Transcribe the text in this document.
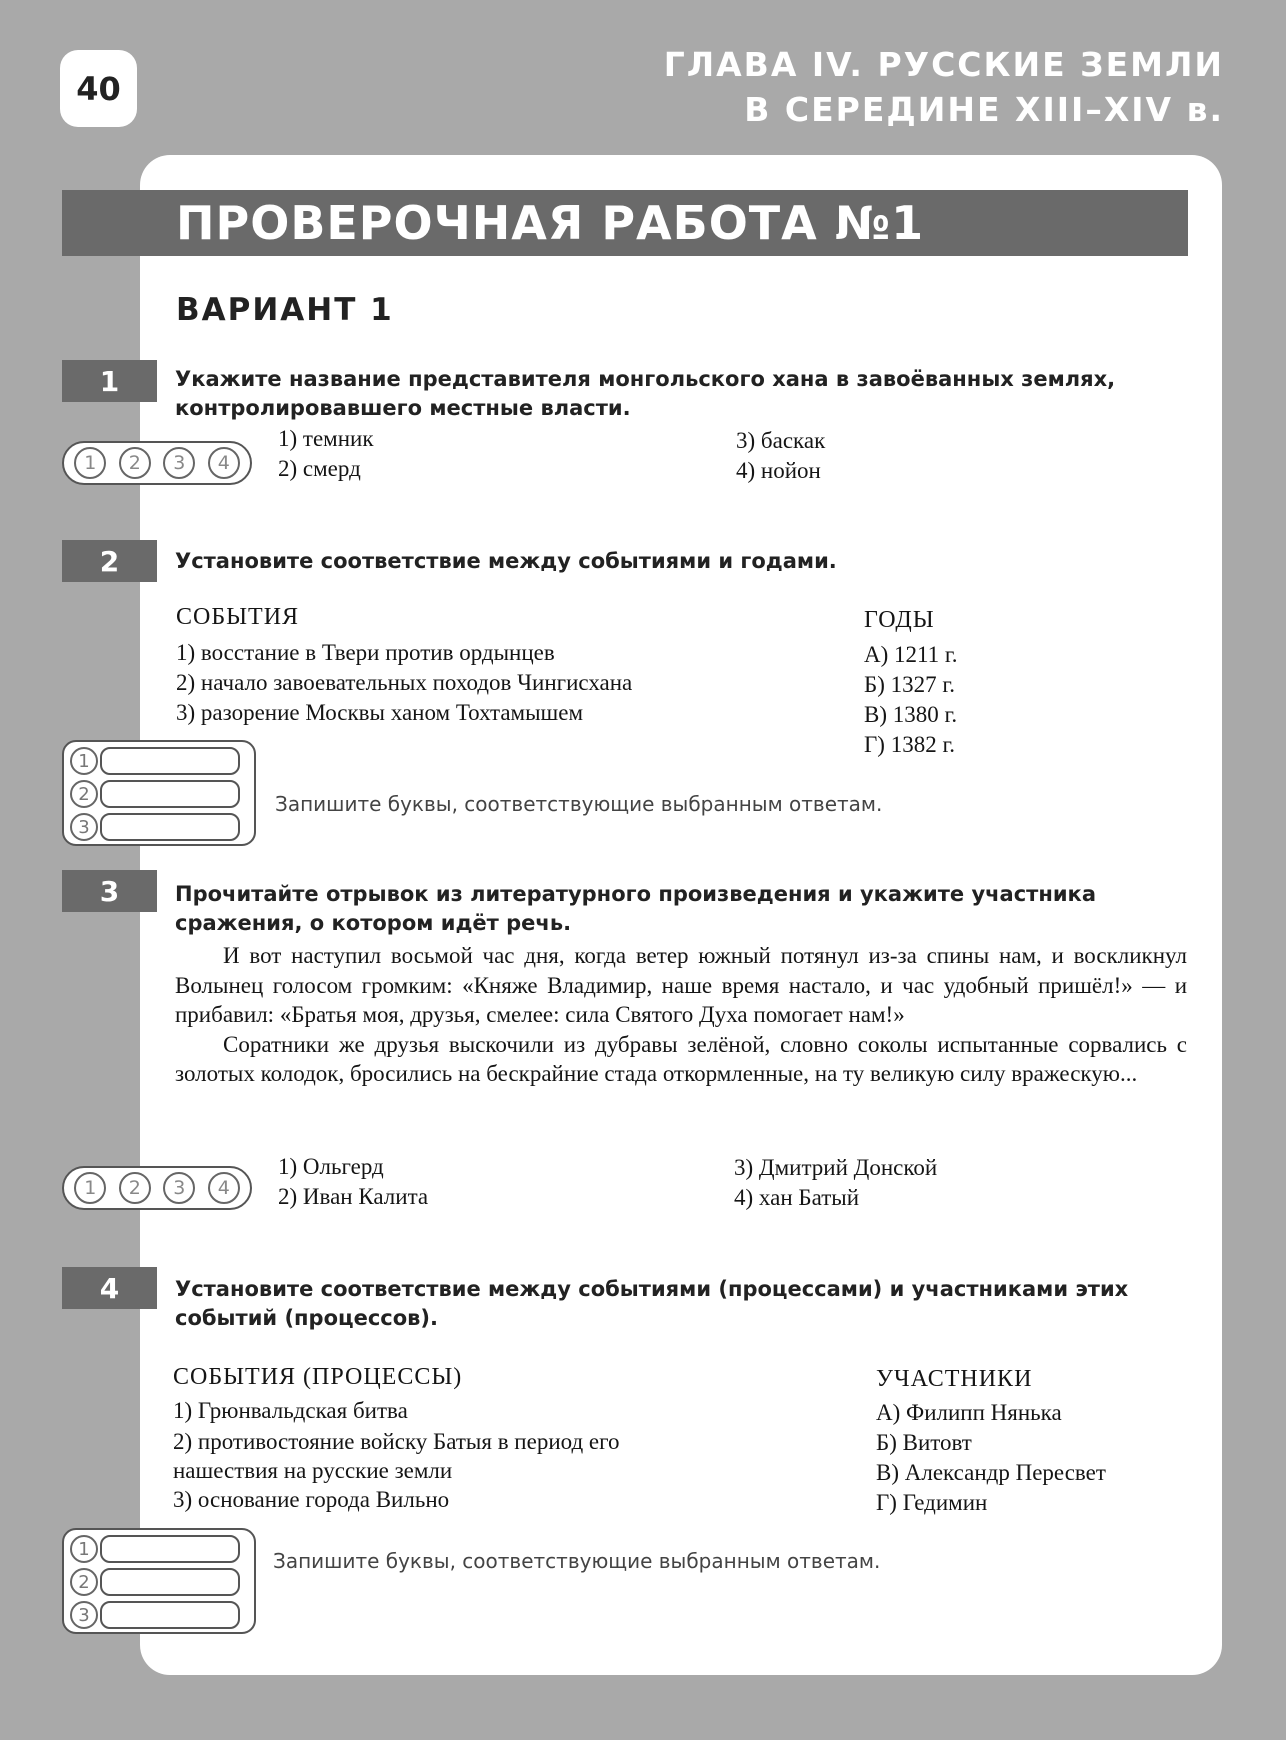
40
ГЛАВА IV. РУССКИЕ ЗЕМЛИ
В СЕРЕДИНЕ XIII–XIV в.
ПРОВЕРОЧНАЯ РАБОТА №1
ВАРИАНТ 1
1	Укажите название представителя монгольского хана в завоёванных землях, контролировавшего местные власти.
1) темник
2) смерд
3) баскак
4) нойон
1	2	3	4
2	Установите соответствие между событиями и годами.
СОБЫТИЯ
1) восстание в Твери против ордынцев
2) начало завоевательных походов Чингисхана
3) разорение Москвы ханом Тохтамышем
ГОДЫ
А) 1211 г.
Б) 1327 г.
В) 1380 г.
Г) 1382 г.
1
2
3
Запишите буквы, соответствующие выбранным ответам.
3	Прочитайте отрывок из литературного произведения и укажите участника сражения, о котором идёт речь.

И вот наступил восьмой час дня, когда ветер южный потянул из-за спины нам, и воскликнул Волынец голосом громким: «Княже Владимир, наше время настало, и час удобный пришёл!» — и прибавил: «Братья моя, друзья, смелее: сила Святого Духа помогает нам!»

Соратники же друзья выскочили из дубравы зелёной, словно соколы испытанные сорвались с золотых колодок, бросились на бескрайние стада откормленные, на ту великую силу вражескую...

1) Ольгерд
2) Иван Калита
3) Дмитрий Донской
4) хан Батый
1	2	3	4
4	Установите соответствие между событиями (процессами) и участниками этих событий (процессов).
СОБЫТИЯ (ПРОЦЕССЫ)
1) Грюнвальдская битва
2) противостояние войску Батыя в период его
нашествия на русские земли
3) основание города Вильно
УЧАСТНИКИ
А) Филипп Нянька
Б) Витовт
В) Александр Пересвет
Г) Гедимин
1
2
3
Запишите буквы, соответствующие выбранным ответам.
